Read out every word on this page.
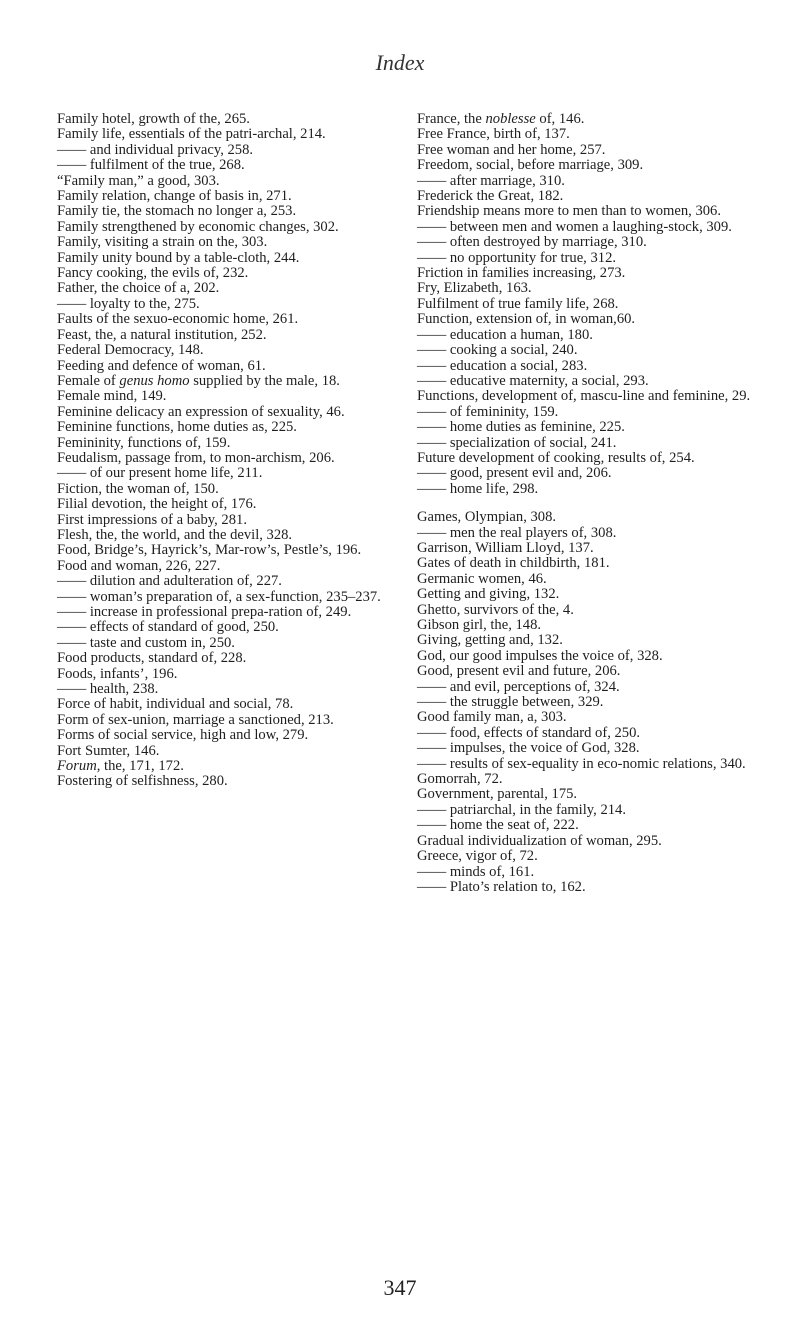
Index

Family hotel, growth of the, 265.

Family life, essentials of the patri-archal, 214.

—— and individual privacy, 258.

—— fulfilment of the true, 268.

“Family man,” a good, 303.

Family relation, change of basis in, 271.

Family tie, the stomach no longer a, 253.

Family strengthened by economic changes, 302.

Family, visiting a strain on the, 303.

Family unity bound by a table-cloth, 244.

Fancy cooking, the evils of, 232.

Father, the choice of a, 202.

—— loyalty to the, 275.

Faults of the sexuo-economic home, 261.

Feast, the, a natural institution, 252.

Federal Democracy, 148.

Feeding and defence of woman, 61.

Female of genus homo supplied by the male, 18.

Female mind, 149.

Feminine delicacy an expression of sexuality, 46.

Feminine functions, home duties as, 225.

Femininity, functions of, 159.

Feudalism, passage from, to mon-archism, 206.

—— of our present home life, 211.

Fiction, the woman of, 150.

Filial devotion, the height of, 176.

First impressions of a baby, 281.

Flesh, the, the world, and the devil, 328.

Food, Bridge’s, Hayrick’s, Mar-row’s, Pestle’s, 196.

Food and woman, 226, 227.

—— dilution and adulteration of, 227.

—— woman’s preparation of, a sex-function, 235–237.

—— increase in professional prepa-ration of, 249.

—— effects of standard of good, 250.

—— taste and custom in, 250.

Food products, standard of, 228.

Foods, infants’, 196.

—— health, 238.

Force of habit, individual and social, 78.

Form of sex-union, marriage a sanctioned, 213.

Forms of social service, high and low, 279.

Fort Sumter, 146.

Forum, the, 171, 172.

Fostering of selfishness, 280.

France, the noblesse of, 146.

Free France, birth of, 137.

Free woman and her home, 257.

Freedom, social, before marriage, 309.

—— after marriage, 310.

Frederick the Great, 182.

Friendship means more to men than to women, 306.

—— between men and women a laughing-stock, 309.

—— often destroyed by marriage, 310.

—— no opportunity for true, 312.

Friction in families increasing, 273.

Fry, Elizabeth, 163.

Fulfilment of true family life, 268.

Function, extension of, in woman,60.

—— education a human, 180.

—— cooking a social, 240.

—— education a social, 283.

—— educative maternity, a social, 293.

Functions, development of, mascu-line and feminine, 29.

—— of femininity, 159.

—— home duties as feminine, 225.

—— specialization of social, 241.

Future development of cooking, results of, 254.

—— good, present evil and, 206.

—— home life, 298.

Games, Olympian, 308.

—— men the real players of, 308.

Garrison, William Lloyd, 137.

Gates of death in childbirth, 181.

Germanic women, 46.

Getting and giving, 132.

Ghetto, survivors of the, 4.

Gibson girl, the, 148.

Giving, getting and, 132.

God, our good impulses the voice of, 328.

Good, present evil and future, 206.

—— and evil, perceptions of, 324.

—— the struggle between, 329.

Good family man, a, 303.

—— food, effects of standard of, 250.

—— impulses, the voice of God, 328.

—— results of sex-equality in eco-nomic relations, 340.

Gomorrah, 72.

Government, parental, 175.

—— patriarchal, in the family, 214.

—— home the seat of, 222.

Gradual individualization of woman, 295.

Greece, vigor of, 72.

—— minds of, 161.

—— Plato’s relation to, 162.

347
